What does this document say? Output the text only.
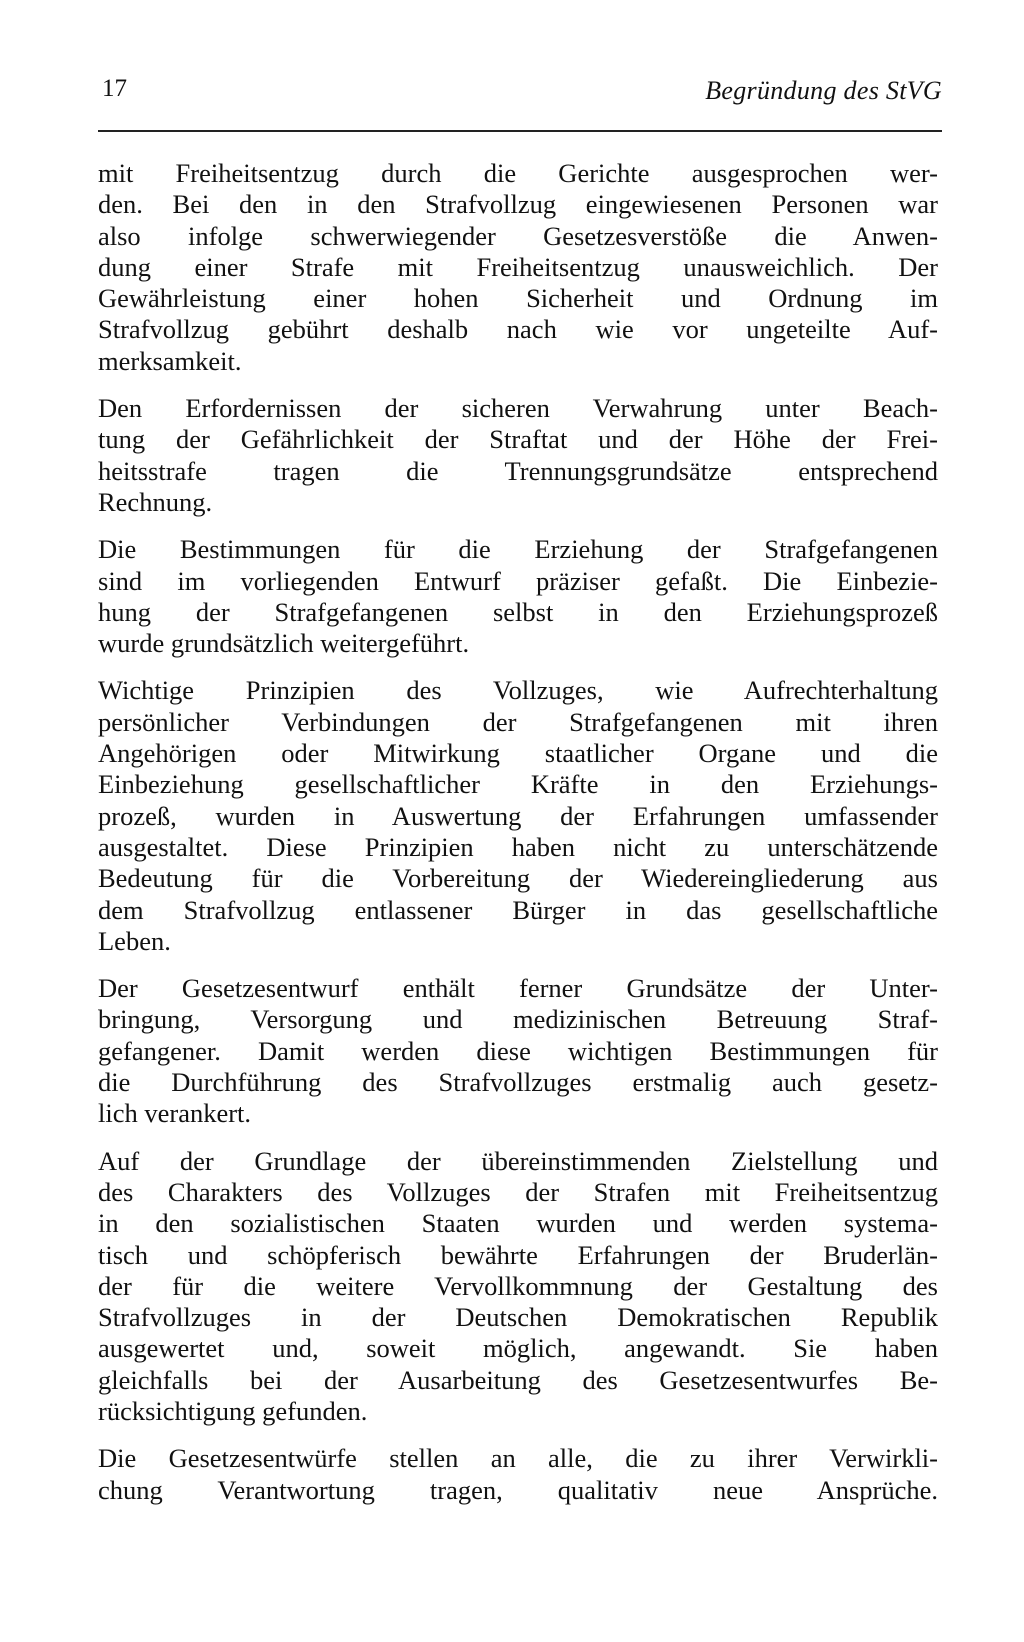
17	Begründung des StVG

mit Freiheitsentzug durch die Gerichte ausgesprochen wer-
den. Bei den in den Strafvollzug eingewiesenen Personen war
also infolge schwerwiegender Gesetzesverstöße die Anwen-
dung einer Strafe mit Freiheitsentzug unausweichlich. Der
Gewährleistung einer hohen Sicherheit und Ordnung im
Strafvollzug gebührt deshalb nach wie vor ungeteilte Auf-
merksamkeit.

Den Erfordernissen der sicheren Verwahrung unter Beach-
tung der Gefährlichkeit der Straftat und der Höhe der Frei-
heitsstrafe tragen die Trennungsgrundsätze entsprechend
Rechnung.

Die Bestimmungen für die Erziehung der Strafgefangenen
sind im vorliegenden Entwurf präziser gefaßt. Die Einbezie-
hung der Strafgefangenen selbst in den Erziehungsprozeß
wurde grundsätzlich weitergeführt.

Wichtige Prinzipien des Vollzuges, wie Aufrechterhaltung
persönlicher Verbindungen der Strafgefangenen mit ihren
Angehörigen oder Mitwirkung staatlicher Organe und die
Einbeziehung gesellschaftlicher Kräfte in den Erziehungs-
prozeß, wurden in Auswertung der Erfahrungen umfassender
ausgestaltet. Diese Prinzipien haben nicht zu unterschätzende
Bedeutung für die Vorbereitung der Wiedereingliederung aus
dem Strafvollzug entlassener Bürger in das gesellschaftliche
Leben.

Der Gesetzesentwurf enthält ferner Grundsätze der Unter-
bringung, Versorgung und medizinischen Betreuung Straf-
gefangener. Damit werden diese wichtigen Bestimmungen für
die Durchführung des Strafvollzuges erstmalig auch gesetz-
lich verankert.

Auf der Grundlage der übereinstimmenden Zielstellung und
des Charakters des Vollzuges der Strafen mit Freiheitsentzug
in den sozialistischen Staaten wurden und werden systema-
tisch und schöpferisch bewährte Erfahrungen der Bruderlän-
der für die weitere Vervollkommnung der Gestaltung des
Strafvollzuges in der Deutschen Demokratischen Republik
ausgewertet und, soweit möglich, angewandt. Sie haben
gleichfalls bei der Ausarbeitung des Gesetzesentwurfes Be-
rücksichtigung gefunden.

Die Gesetzesentwürfe stellen an alle, die zu ihrer Verwirkli-
chung Verantwortung tragen, qualitativ neue Ansprüche.
